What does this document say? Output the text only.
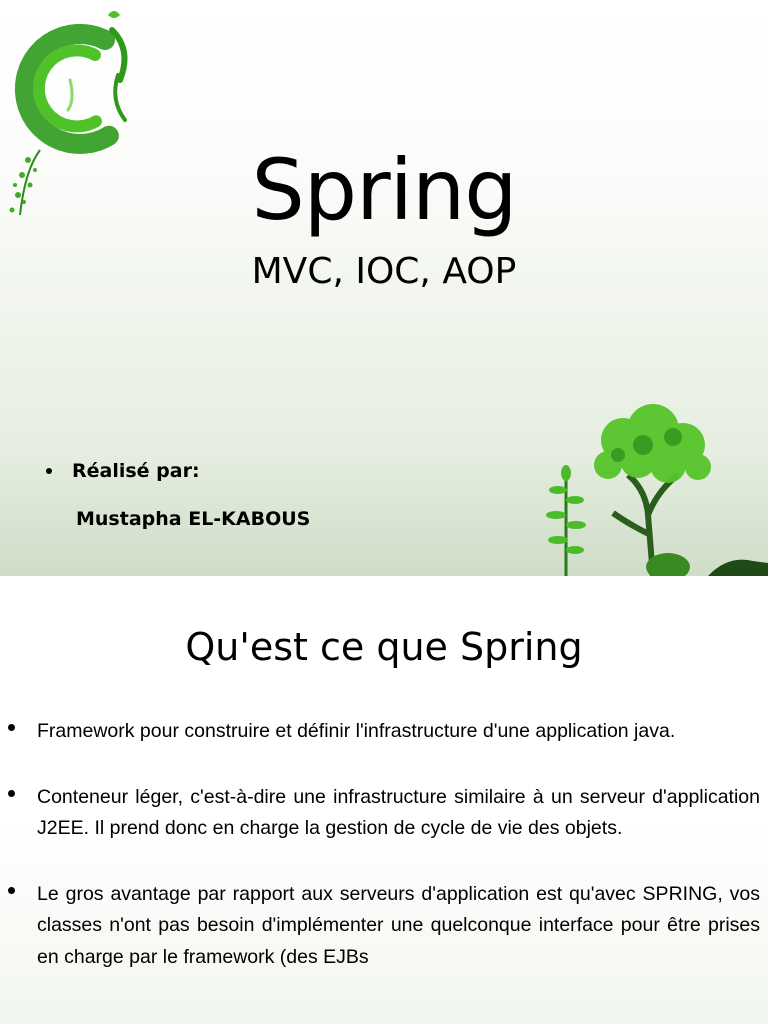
Spring
MVC, IOC, AOP
Réalisé par:
Mustapha EL-KABOUS
Qu'est ce que Spring
Framework pour construire et définir l'infrastructure d'une application java.
Conteneur léger, c'est-à-dire une infrastructure similaire à un serveur d'application J2EE. Il prend donc en charge la gestion de cycle de vie des objets.
Le gros avantage par rapport aux serveurs d'application est qu'avec SPRING, vos classes n'ont pas besoin d'implémenter une quelconque interface pour être prises en charge par le framework (des EJBs
